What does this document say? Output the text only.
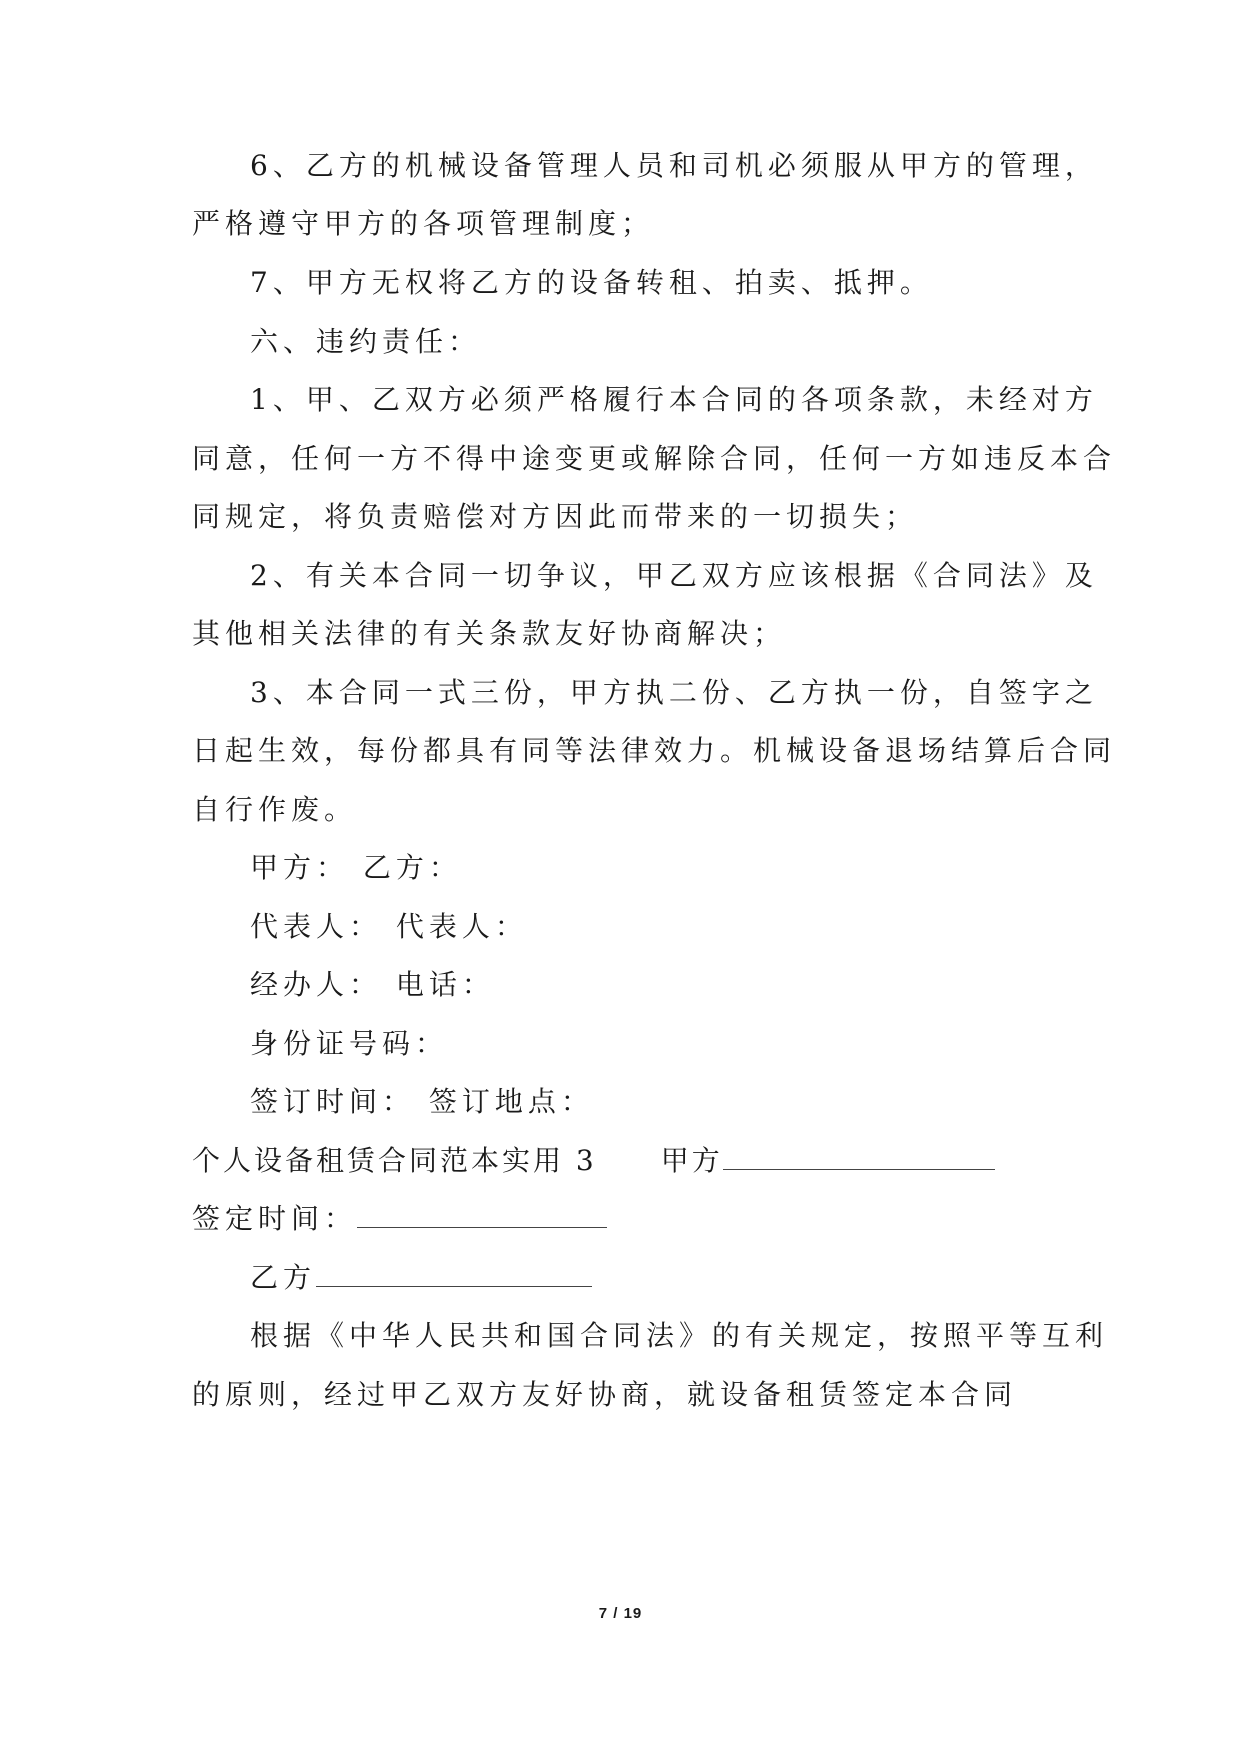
6、乙方的机械设备管理人员和司机必须服从甲方的管理，
严格遵守甲方的各项管理制度；
7、甲方无权将乙方的设备转租、拍卖、抵押。
六、违约责任：
1、甲、乙双方必须严格履行本合同的各项条款，未经对方
同意，任何一方不得中途变更或解除合同，任何一方如违反本合
同规定，将负责赔偿对方因此而带来的一切损失；
2、有关本合同一切争议，甲乙双方应该根据《合同法》及
其他相关法律的有关条款友好协商解决；
3、本合同一式三份，甲方执二份、乙方执一份，自签字之
日起生效，每份都具有同等法律效力。机械设备退场结算后合同
自行作废。
甲方： 乙方：
代表人： 代表人：
经办人： 电话：
身份证号码：
签订时间： 签订地点：
个人设备租赁合同范本实用 3 甲方
签定时间：
乙方
根据《中华人民共和国合同法》的有关规定，按照平等互利
的原则，经过甲乙双方友好协商，就设备租赁签定本合同
7 / 19
